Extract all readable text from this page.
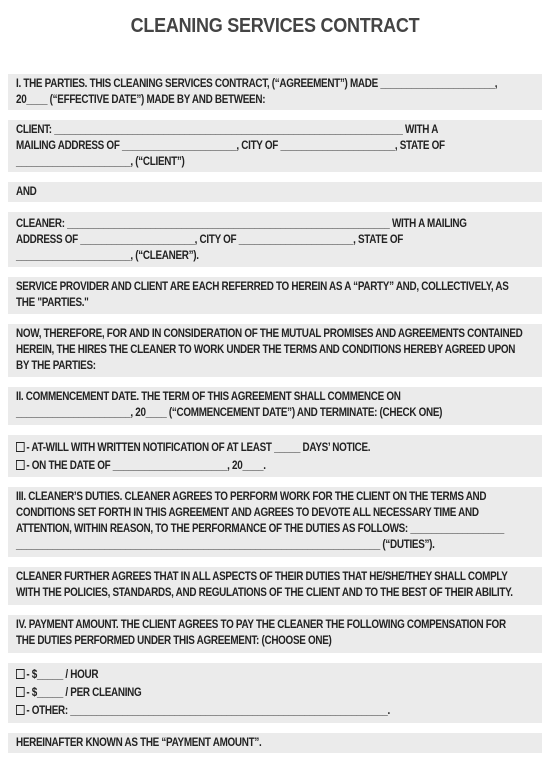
CLEANING SERVICES CONTRACT
I. THE PARTIES. THIS CLEANING SERVICES CONTRACT, (“AGREEMENT”) MADE ______________________,
20____ (“EFFECTIVE DATE”) MADE BY AND BETWEEN:
CLIENT: ___________________________________________________________________ WITH A
MAILING ADDRESS OF ______________________, CITY OF ______________________, STATE OF
______________________, (“CLIENT”)
AND
CLEANER: ______________________________________________________________ WITH A MAILING
ADDRESS OF ______________________, CITY OF ______________________, STATE OF
______________________, (“CLEANER”).
SERVICE PROVIDER AND CLIENT ARE EACH REFERRED TO HEREIN AS A “PARTY” AND, COLLECTIVELY, AS
THE "PARTIES."
NOW, THEREFORE, FOR AND IN CONSIDERATION OF THE MUTUAL PROMISES AND AGREEMENTS CONTAINED
HEREIN, THE HIRES THE CLEANER TO WORK UNDER THE TERMS AND CONDITIONS HEREBY AGREED UPON
BY THE PARTIES:
II. COMMENCEMENT DATE. THE TERM OF THIS AGREEMENT SHALL COMMENCE ON
______________________, 20____ (“COMMENCEMENT DATE”) AND TERMINATE: (CHECK ONE)
- AT-WILL WITH WRITTEN NOTIFICATION OF AT LEAST _____ DAYS’ NOTICE.
- ON THE DATE OF ______________________, 20____.
III. CLEANER’S DUTIES. CLEANER AGREES TO PERFORM WORK FOR THE CLIENT ON THE TERMS AND
CONDITIONS SET FORTH IN THIS AGREEMENT AND AGREES TO DEVOTE ALL NECESSARY TIME AND
ATTENTION, WITHIN REASON, TO THE PERFORMANCE OF THE DUTIES AS FOLLOWS: __________________
______________________________________________________________________ (“DUTIES”).
CLEANER FURTHER AGREES THAT IN ALL ASPECTS OF THEIR DUTIES THAT HE/SHE/THEY SHALL COMPLY
WITH THE POLICIES, STANDARDS, AND REGULATIONS OF THE CLIENT AND TO THE BEST OF THEIR ABILITY.
IV. PAYMENT AMOUNT. THE CLIENT AGREES TO PAY THE CLEANER THE FOLLOWING COMPENSATION FOR
THE DUTIES PERFORMED UNDER THIS AGREEMENT: (CHOOSE ONE)
- $_____ / HOUR
- $_____ / PER CLEANING
- OTHER: _____________________________________________________________.
HEREINAFTER KNOWN AS THE “PAYMENT AMOUNT”.
